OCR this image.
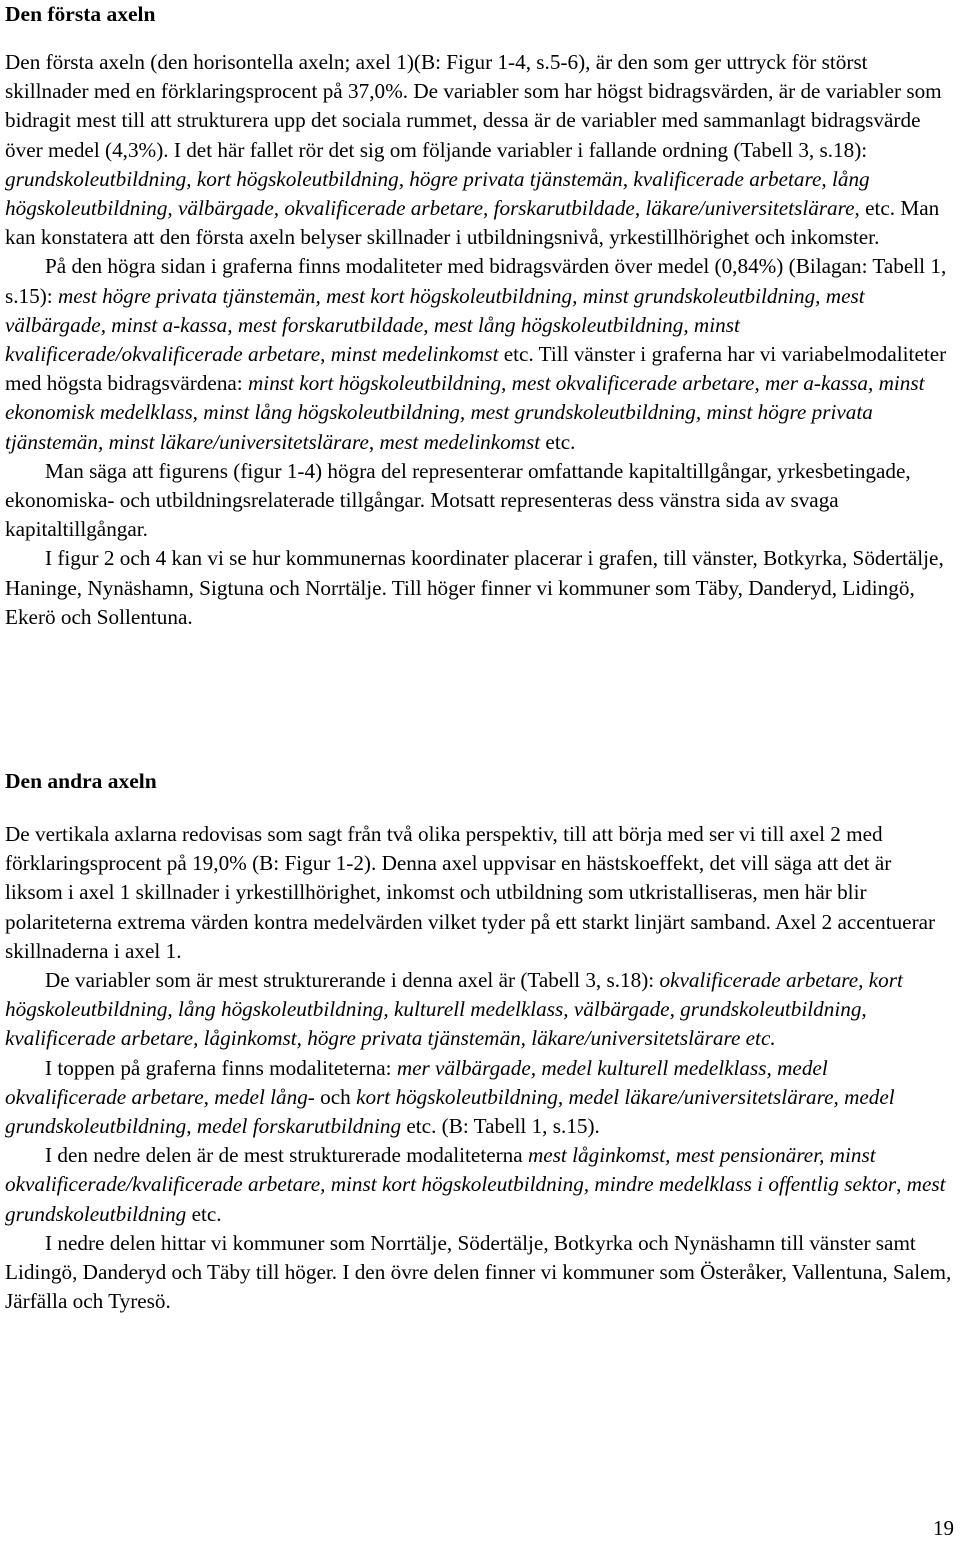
Den första axeln

Den första axeln (den horisontella axeln; axel 1)(B: Figur 1-4, s.5-6), är den som ger uttryck för störst skillnader med en förklaringsprocent på 37,0%. De variabler som har högst bidragsvärden, är de variabler som bidragit mest till att strukturera upp det sociala rummet, dessa är de variabler med sammanlagt bidragsvärde över medel (4,3%). I det här fallet rör det sig om följande variabler i fallande ordning (Tabell 3, s.18): grundskoleutbildning, kort högskoleutbildning, högre privata tjänstemän, kvalificerade arbetare, lång högskoleutbildning, välbärgade, okvalificerade arbetare, forskarutbildade, läkare/universitetslärare, etc. Man kan konstatera att den första axeln belyser skillnader i utbildningsnivå, yrkestillhörighet och inkomster.

På den högra sidan i graferna finns modaliteter med bidragsvärden över medel (0,84%) (Bilagan: Tabell 1, s.15): mest högre privata tjänstemän, mest kort högskoleutbildning, minst grundskoleutbildning, mest välbärgade, minst a-kassa, mest forskarutbildade, mest lång högskoleutbildning, minst kvalificerade/okvalificerade arbetare, minst medelinkomst etc. Till vänster i graferna har vi variabelmodaliteter med högsta bidragsvärdena: minst kort högskoleutbildning, mest okvalificerade arbetare, mer a-kassa, minst ekonomisk medelklass, minst lång högskoleutbildning, mest grundskoleutbildning, minst högre privata tjänstemän, minst läkare/universitetslärare, mest medelinkomst etc.

Man säga att figurens (figur 1-4) högra del representerar omfattande kapitaltillgångar, yrkesbetingade, ekonomiska- och utbildningsrelaterade tillgångar. Motsatt representeras dess vänstra sida av svaga kapitaltillgångar.

I figur 2 och 4 kan vi se hur kommunernas koordinater placerar i grafen, till vänster, Botkyrka, Södertälje, Haninge, Nynäshamn, Sigtuna och Norrtälje. Till höger finner vi kommuner som Täby, Danderyd, Lidingö, Ekerö och Sollentuna.

Den andra axeln

De vertikala axlarna redovisas som sagt från två olika perspektiv, till att börja med ser vi till axel 2 med förklaringsprocent på 19,0% (B: Figur 1-2). Denna axel uppvisar en hästskoeffekt, det vill säga att det är liksom i axel 1 skillnader i yrkestillhörighet, inkomst och utbildning som utkristalliseras, men här blir polariteterna extrema värden kontra medelvärden vilket tyder på ett starkt linjärt samband. Axel 2 accentuerar skillnaderna i axel 1.

De variabler som är mest strukturerande i denna axel är (Tabell 3, s.18): okvalificerade arbetare, kort högskoleutbildning, lång högskoleutbildning, kulturell medelklass, välbärgade, grundskoleutbildning, kvalificerade arbetare, låginkomst, högre privata tjänstemän, läkare/universitetslärare etc.

I toppen på graferna finns modaliteterna: mer välbärgade, medel kulturell medelklass, medel okvalificerade arbetare, medel lång- och kort högskoleutbildning, medel läkare/universitetslärare, medel grundskoleutbildning, medel forskarutbildning etc. (B: Tabell 1, s.15).

I den nedre delen är de mest strukturerade modaliteterna mest låginkomst, mest pensionärer, minst okvalificerade/kvalificerade arbetare, minst kort högskoleutbildning, mindre medelklass i offentlig sektor, mest grundskoleutbildning etc.

I nedre delen hittar vi kommuner som Norrtälje, Södertälje, Botkyrka och Nynäshamn till vänster samt Lidingö, Danderyd och Täby till höger. I den övre delen finner vi kommuner som Österåker, Vallentuna, Salem, Järfälla och Tyresö.

19
